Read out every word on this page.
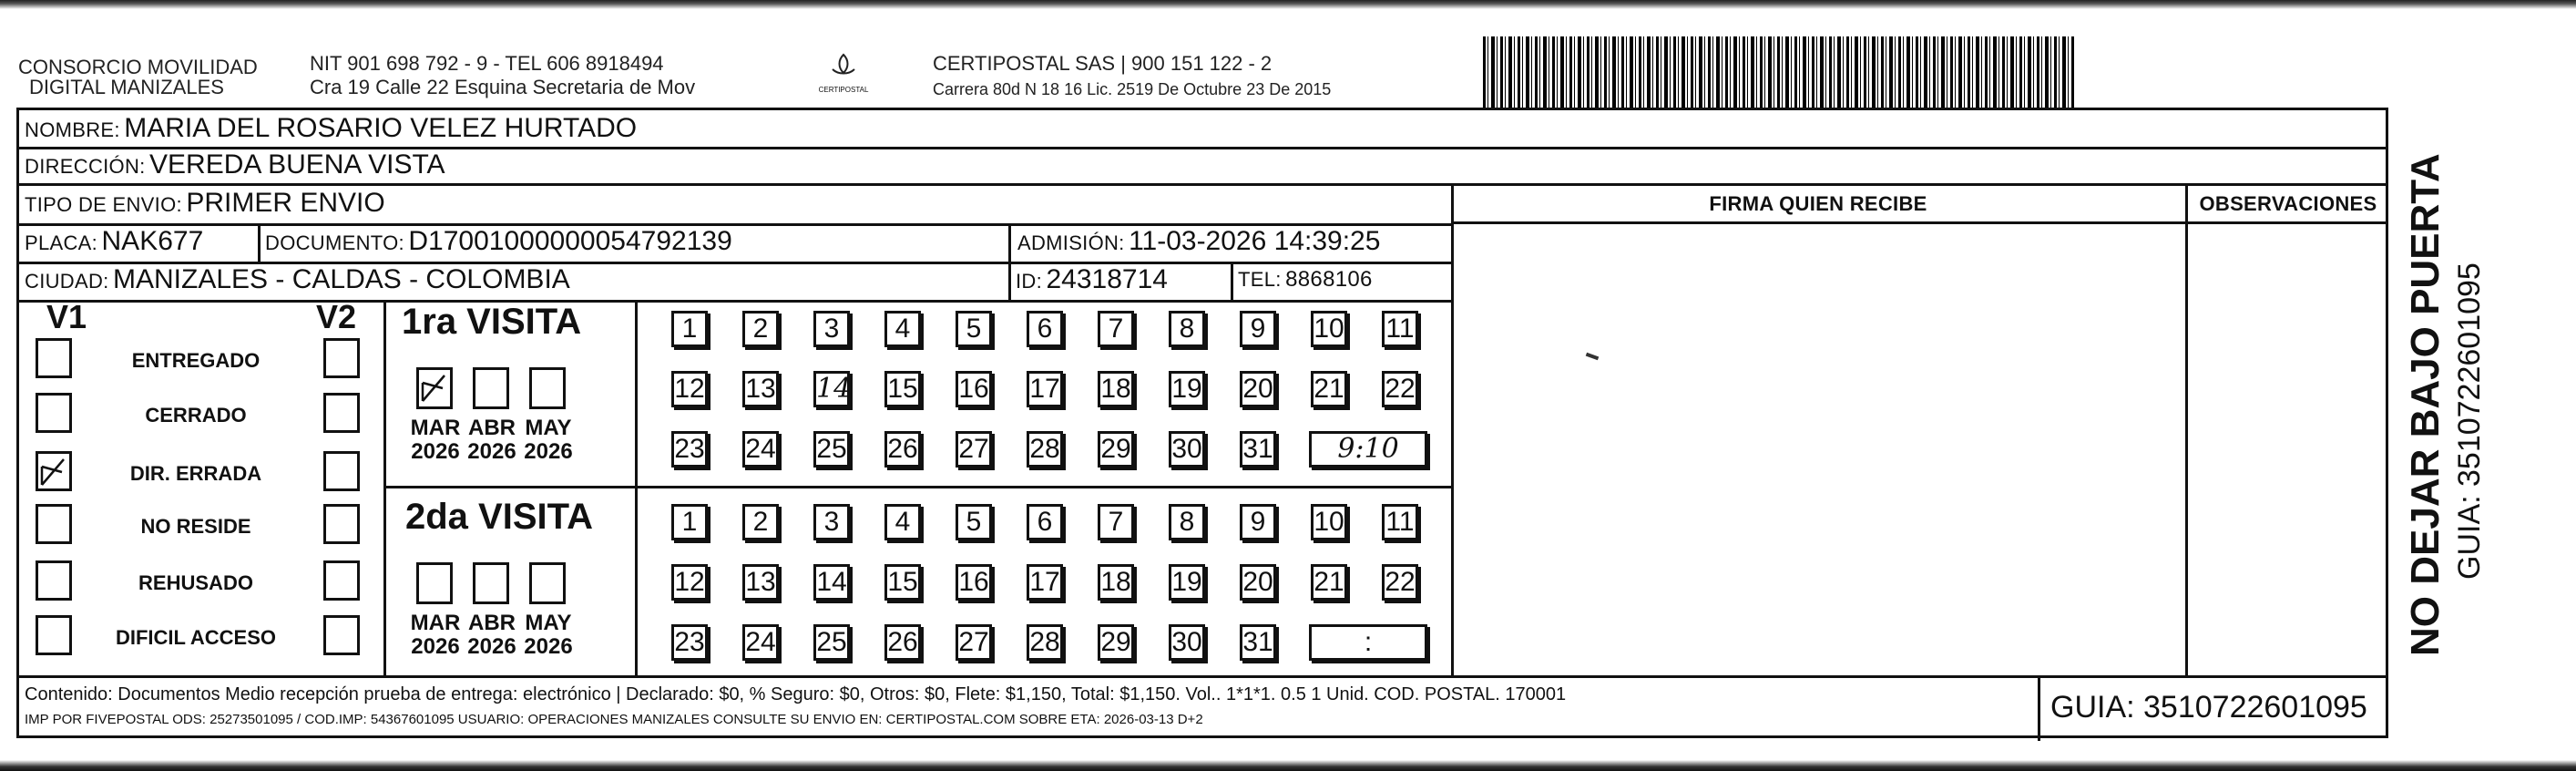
CONSORCIO MOVILIDAD
DIGITAL MANIZALES
NIT 901 698 792 - 9 - TEL 606 8918494
Cra 19 Calle 22 Esquina Secretaria de Mov	CERTIPOSTAL
CERTIPOSTAL SAS | 900 151 122 - 2
Carrera 80d N 18 16 Lic. 2519 De Octubre 23 De 2015
NOMBRE: MARIA DEL ROSARIO VELEZ HURTADO
DIRECCIÓN: VEREDA BUENA VISTA
TIPO DE ENVIO: PRIMER ENVIO	FIRMA QUIEN RECIBE	OBSERVACIONES
PLACA: NAK677	DOCUMENTO: D17001000000054792139	ADMISIÓN: 11-03-2026 14:39:25
CIUDAD: MANIZALES - CALDAS - COLOMBIA	ID: 24318714	TEL: 8868106
V1	V2 1ra VISITA
2da VISITA
Contenido: Documentos Medio recepción prueba de entrega: electrónico | Declarado: $0, % Seguro: $0, Otros: $0, Flete: $1,150, Total: $1,150. Vol.. 1*1*1. 0.5 1 Unid. COD. POSTAL. 170001
IMP POR FIVEPOSTAL ODS: 25273501095 / COD.IMP: 54367601095 USUARIO: OPERACIONES MANIZALES CONSULTE SU ENVIO EN: CERTIPOSTAL.COM SOBRE ETA: 2026-03-13 D+2	GUIA: 3510722601095
ENTREGADO
CERRADO
DIR. ERRADA
NO RESIDE
REHUSADO
DIFICIL ACCESO
MAR
2026
ABR
2026
MAY
2026
MAR
2026
ABR
2026
MAY
2026
1	2	3	4	5	6	7	8	9	10 11
12 13 14 15 16 17 18 19 20 21 22
23 24 25 26 27 28 29 30 31	9:10
1	2	3	4	5	6	7	8	9	10 11
12 13 14 15 16 17 18 19 20 21 22
23 24 25 26 27 28 29 30 31	:	NO DEJAR BAJO PUERTA GUIA: 3510722601095
